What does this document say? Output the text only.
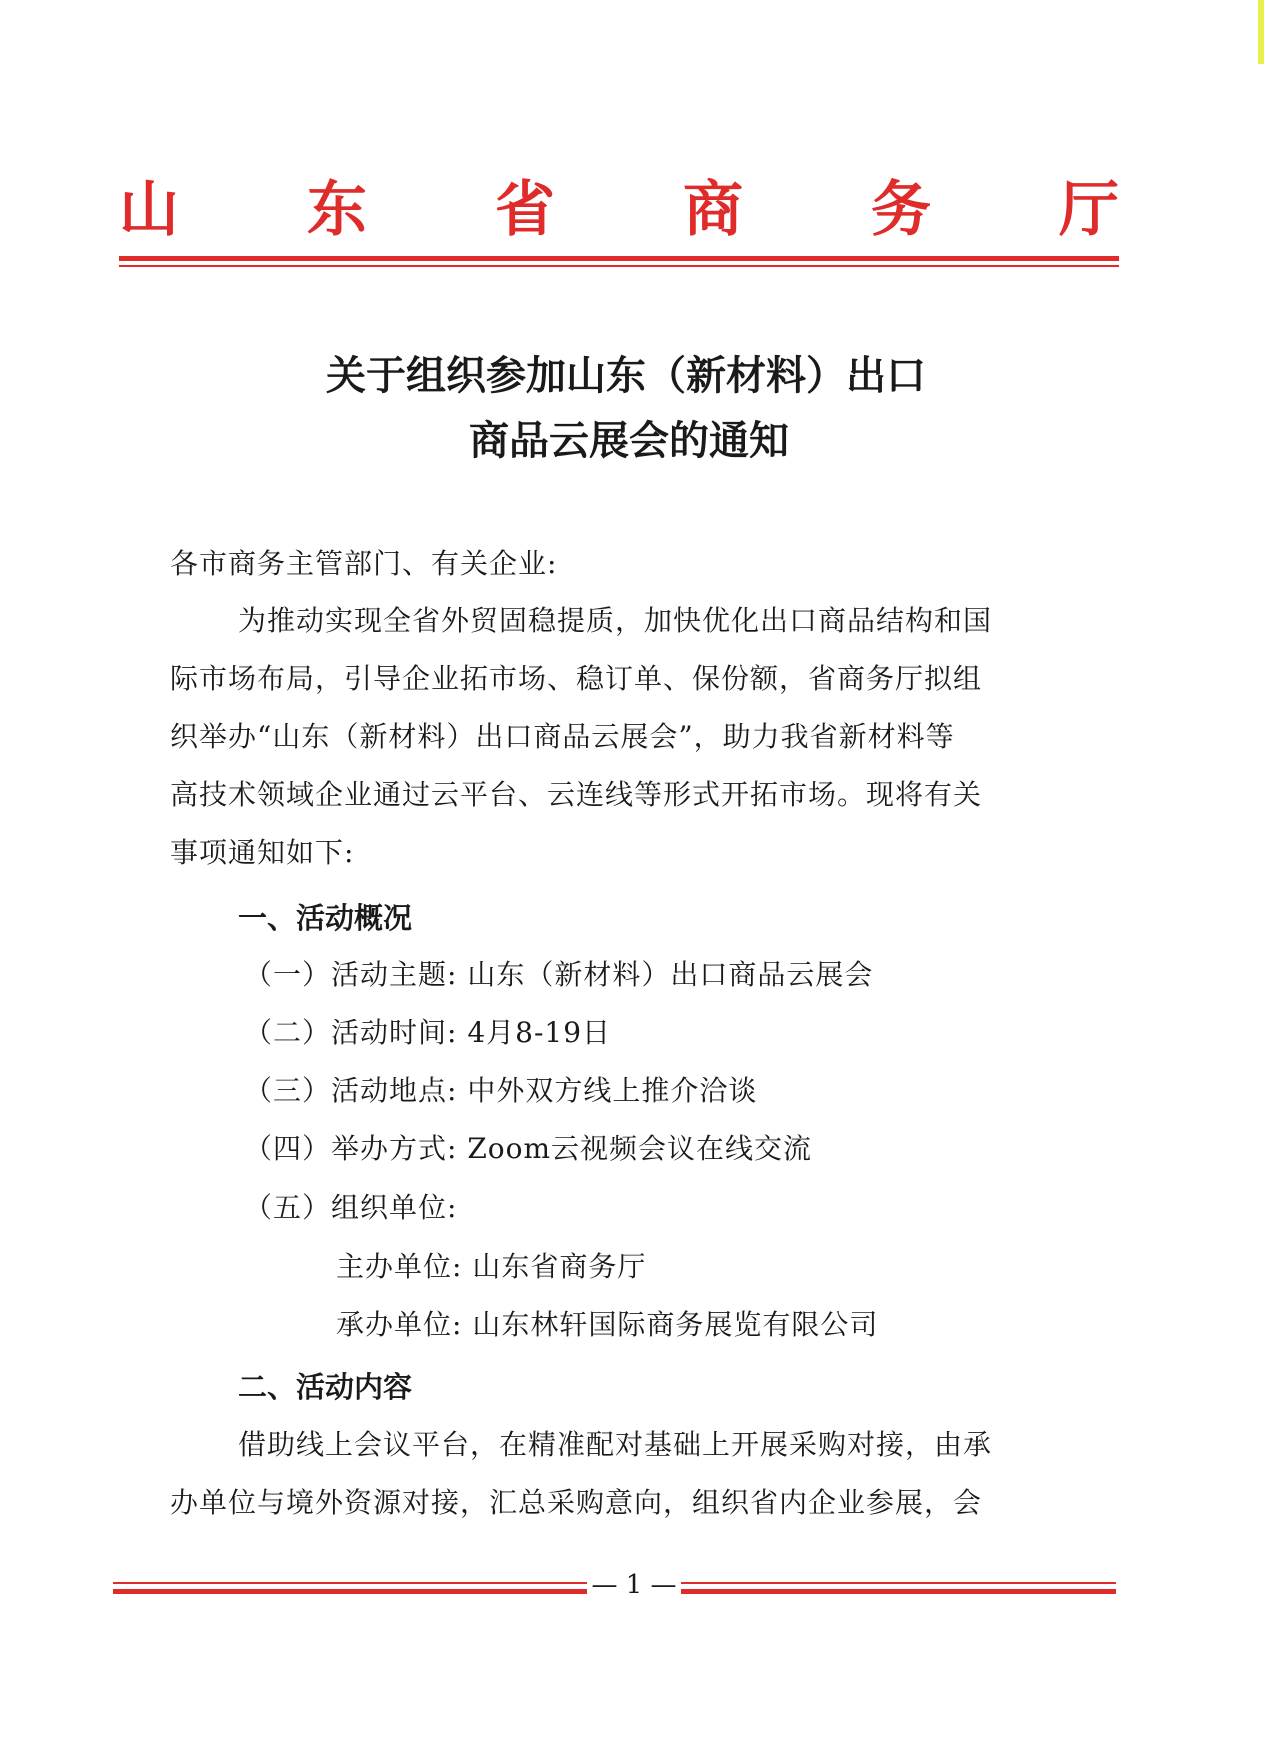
山 东 省 商 务 厅
关于组织参加山东（新材料）出口
商品云展会的通知
各市商务主管部门、有关企业:
为推动实现全省外贸固稳提质，加快优化出口商品结构和国
际市场布局，引导企业拓市场、稳订单、保份额，省商务厅拟组
织举办“山东（新材料）出口商品云展会”，助力我省新材料等
高技术领域企业通过云平台、云连线等形式开拓市场。现将有关
事项通知如下:
一、活动概况
（一）活动主题: 山东（新材料）出口商品云展会
（二）活动时间: 4月8-19日
（三）活动地点: 中外双方线上推介洽谈
（四）举办方式: Zoom云视频会议在线交流
（五）组织单位:
主办单位: 山东省商务厅
承办单位: 山东林轩国际商务展览有限公司
二、活动内容
借助线上会议平台，在精准配对基础上开展采购对接，由承
办单位与境外资源对接，汇总采购意向，组织省内企业参展，会
— 1 —
